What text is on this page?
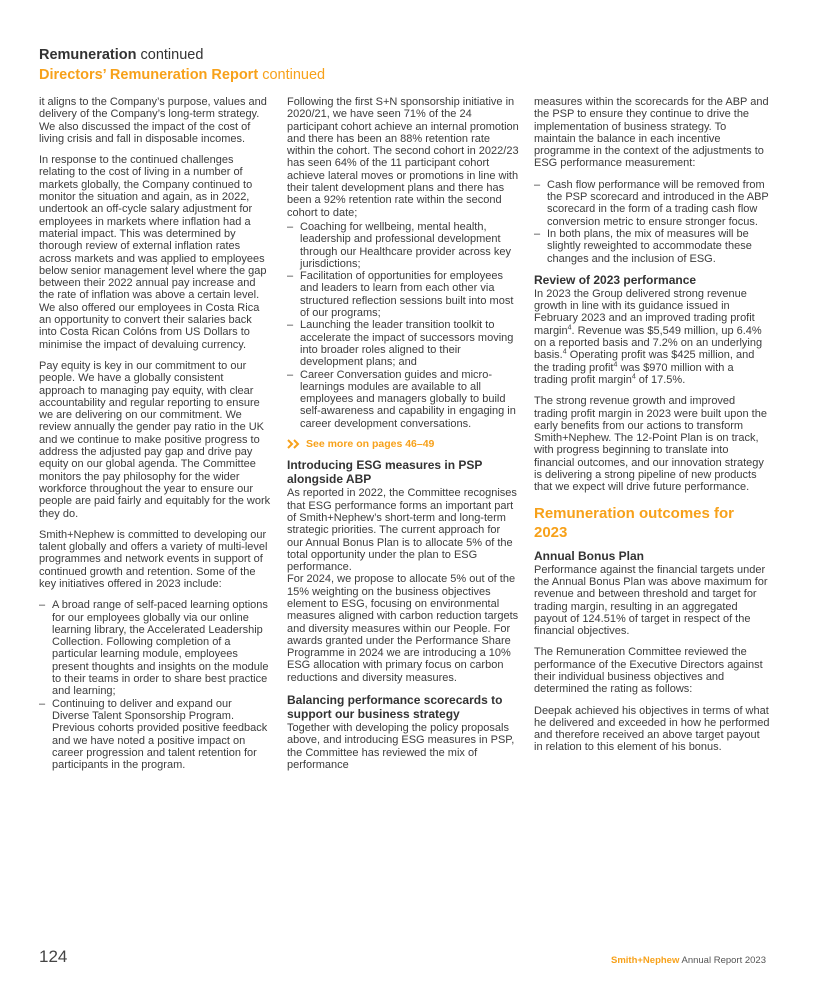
Remuneration continued
Directors’ Remuneration Report continued

it aligns to the Company’s purpose, values and delivery of the Company’s long-term strategy. We also discussed the impact of the cost of living crisis and fall in disposable incomes.

In response to the continued challenges relating to the cost of living in a number of markets globally, the Company continued to monitor the situation and again, as in 2022, undertook an off-cycle salary adjustment for employees in markets where inflation had a material impact. This was determined by thorough review of external inflation rates across markets and was applied to employees below senior management level where the gap between their 2022 annual pay increase and the rate of inflation was above a certain level. We also offered our employees in Costa Rica an opportunity to convert their salaries back into Costa Rican Colóns from US Dollars to minimise the impact of devaluing currency.

Pay equity is key in our commitment to our people. We have a globally consistent approach to managing pay equity, with clear accountability and regular reporting to ensure we are delivering on our commitment. We review annually the gender pay ratio in the UK and we continue to make positive progress to address the adjusted pay gap and drive pay equity on our global agenda. The Committee monitors the pay philosophy for the wider workforce throughout the year to ensure our people are paid fairly and equitably for the work they do.

Smith+Nephew is committed to developing our talent globally and offers a variety of multi-level programmes and network events in support of continued growth and retention. Some of the key initiatives offered in 2023 include:

– A broad range of self-paced learning options for our employees globally via our online learning library, the Accelerated Leadership Collection. Following completion of a particular learning module, employees present thoughts and insights on the module to their teams in order to share best practice and learning;
– Continuing to deliver and expand our Diverse Talent Sponsorship Program. Previous cohorts provided positive feedback and we have noted a positive impact on career progression and talent retention for participants in the program.

Following the first S+N sponsorship initiative in 2020/21, we have seen 71% of the 24 participant cohort achieve an internal promotion and there has been an 88% retention rate within the cohort. The second cohort in 2022/23 has seen 64% of the 11 participant cohort achieve lateral moves or promotions in line with their talent development plans and there has been a 92% retention rate within the second cohort to date;

– Coaching for wellbeing, mental health, leadership and professional development through our Healthcare provider across key jurisdictions;
– Facilitation of opportunities for employees and leaders to learn from each other via structured reflection sessions built into most of our programs;
– Launching the leader transition toolkit to accelerate the impact of successors moving into broader roles aligned to their development plans; and
– Career Conversation guides and micro-learnings modules are available to all employees and managers globally to build self-awareness and capability in engaging in career development conversations.
See more on pages 46–49
Introducing ESG measures in PSP alongside ABP

As reported in 2022, the Committee recognises that ESG performance forms an important part of Smith+Nephew’s short-term and long-term strategic priorities. The current approach for our Annual Bonus Plan is to allocate 5% of the total opportunity under the plan to ESG performance.

For 2024, we propose to allocate 5% out of the 15% weighting on the business objectives element to ESG, focusing on environmental measures aligned with carbon reduction targets and diversity measures within our People. For awards granted under the Performance Share Programme in 2024 we are introducing a 10% ESG allocation with primary focus on carbon reductions and diversity measures.

Balancing performance scorecards to support our business strategy

Together with developing the policy proposals above, and introducing ESG measures in PSP, the Committee has reviewed the mix of performance

measures within the scorecards for the ABP and the PSP to ensure they continue to drive the implementation of business strategy. To maintain the balance in each incentive programme in the context of the adjustments to ESG performance measurement:

– Cash flow performance will be removed from the PSP scorecard and introduced in the ABP scorecard in the form of a trading cash flow conversion metric to ensure stronger focus.
– In both plans, the mix of measures will be slightly reweighted to accommodate these changes and the inclusion of ESG.
Review of 2023 performance

In 2023 the Group delivered strong revenue growth in line with its guidance issued in February 2023 and an improved trading profit margin$^4$. Revenue was $5,549 million, up 6.4% on a reported basis and 7.2% on an underlying basis.$^4$ Operating profit was $425 million, and the trading profit$^4$ was $970 million with a trading profit margin$^4$ of 17.5%.

The strong revenue growth and improved trading profit margin in 2023 were built upon the early benefits from our actions to transform Smith+Nephew. The 12-Point Plan is on track, with progress beginning to translate into financial outcomes, and our innovation strategy is delivering a strong pipeline of new products that we expect will drive future performance.

Remuneration outcomes for 2023
Annual Bonus Plan

Performance against the financial targets under the Annual Bonus Plan was above maximum for revenue and between threshold and target for trading margin, resulting in an aggregated payout of 124.51% of target in respect of the financial objectives.

The Remuneration Committee reviewed the performance of the Executive Directors against their individual business objectives and determined the rating as follows:

Deepak achieved his objectives in terms of what he delivered and exceeded in how he performed and therefore received an above target payout in relation to this element of his bonus.

124	Smith+Nephew Annual Report 2023
